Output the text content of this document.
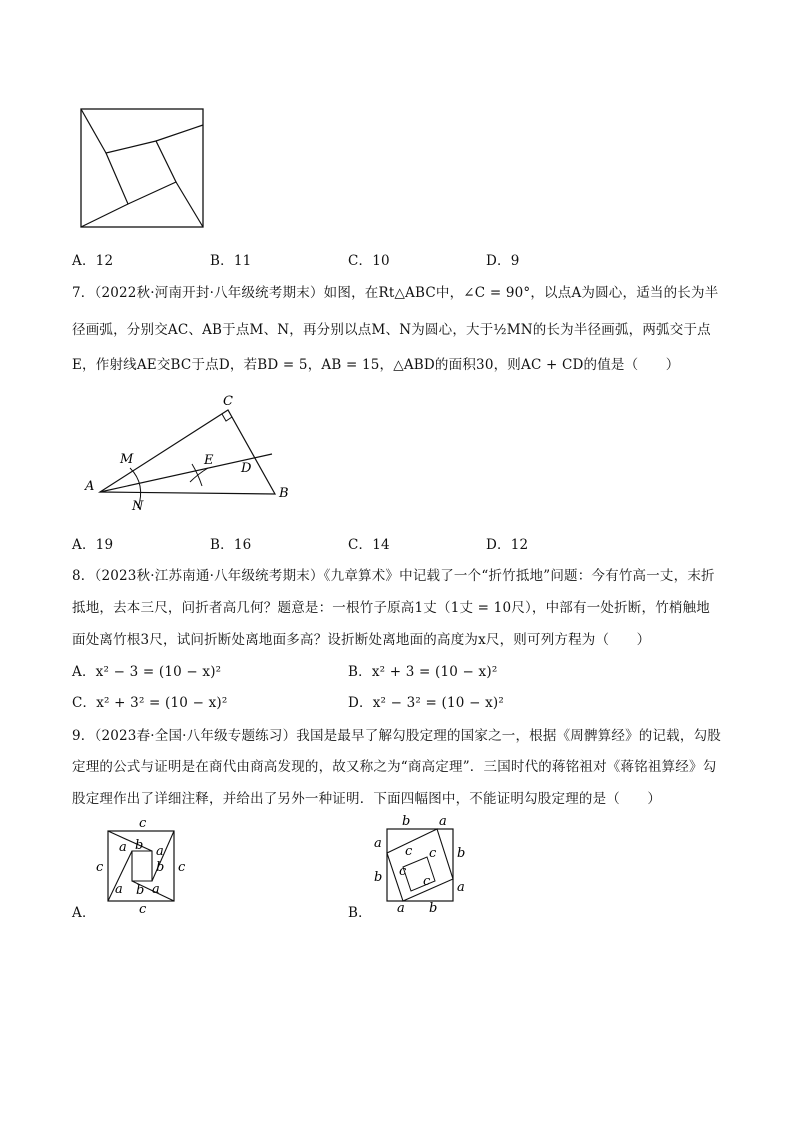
A．12	B．11	C．10	D．9
7．（2022秋·河南开封·八年级统考期末）如图，在Rt△ABC中，∠C = 90°，以点A为圆心，适当的长为半
径画弧，分别交AC、AB于点M、N，再分别以点M、N为圆心，大于½MN的长为半径画弧，两弧交于点
E，作射线AE交BC于点D，若BD = 5，AB = 15，△ABD的面积30，则AC + CD的值是（　　）
C
M	E
D
A	B
N
A．19	B．16	C．14	D．12
8．（2023秋·江苏南通·八年级统考期末）《九章算术》中记载了一个“折竹抵地”问题：今有竹高一丈，末折
抵地，去本三尺，问折者高几何？题意是：一根竹子原高1丈（1丈 = 10尺），中部有一处折断，竹梢触地
面处离竹根3尺，试问折断处离地面多高？设折断处离地面的高度为x尺，则可列方程为（　　）
A．x² − 3 = (10 − x)²	B．x² + 3 = (10 − x)²
C．x² + 3² = (10 − x)²	D．x² − 3² = (10 − x)²
9．（2023春·全国·八年级专题练习）我国是最早了解勾股定理的国家之一，根据《周髀算经》的记载，勾股
定理的公式与证明是在商代由商高发现的，故又称之为“商高定理”．三国时代的蒋铭祖对《蒋铭祖算经》勾
股定理作出了详细注释，并给出了另外一种证明．下面四幅图中，不能证明勾股定理的是（　　）
c
a b
c	c
a
a
b
a
b
c
A．
b a
a
c c b
b c
c a
a b
B．
